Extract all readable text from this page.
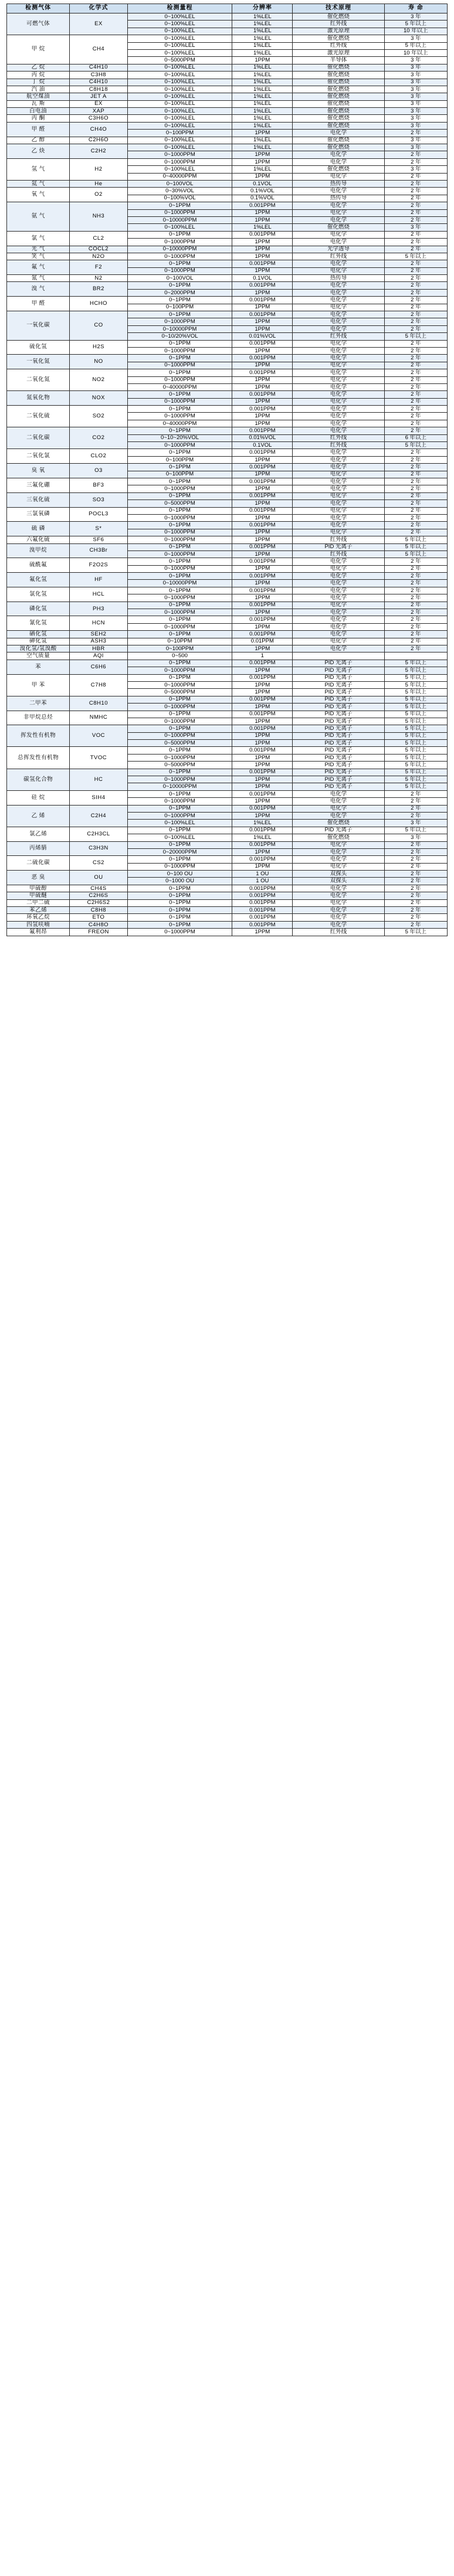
检测气体	化学式	检测量程	分辨率	技术原理	寿 命
可燃气体	EX	0~100%LEL	1%LEL	催化燃烧	3 年
		0~100%LEL	1%LEL	红外线	5 年以上
		0~100%LEL	1%LEL	激光原理	10 年以上
甲 烷	CH4	0~100%LEL	1%LEL	催化燃烧	3 年
		0~100%LEL	1%LEL	红外线	5 年以上
		0~100%LEL	1%LEL	激光原理	10 年以上
		0~5000PPM	1PPM	半导体	3 年
乙 烷	C4H10	0~100%LEL	1%LEL	催化燃烧	3 年
丙 烷	C3H8	0~100%LEL	1%LEL	催化燃烧	3 年
丁 烷	C4H10	0~100%LEL	1%LEL	催化燃烧	3 年
汽 油	C8H18	0~100%LEL	1%LEL	催化燃烧	3 年
航空煤油	JET A	0~100%LEL	1%LEL	催化燃烧	3 年
瓦 斯	EX	0~100%LEL	1%LEL	催化燃烧	3 年
白电油	XAP	0~100%LEL	1%LEL	催化燃烧	3 年
丙 酮	C3H6O	0~100%LEL	1%LEL	催化燃烧	3 年
甲 醛	CH4O	0~100%LEL	1%LEL	催化燃烧	3 年
		0~100PPM	1PPM	电化学	2 年
乙 醇	C2H6O	0~100%LEL	1%LEL	催化燃烧	3 年
乙 炔	C2H2	0~100%LEL	1%LEL	催化燃烧	3 年
		0~1000PPM	1PPM	电化学	2 年
氢 气	H2	0~1000PPM	1PPM	电化学	2 年
		0~100%LEL	1%LEL	催化燃烧	3 年
		0~40000PPM	1PPM	电化学	2 年
氦 气	He	0~100VOL	0.1VOL	热传导	2 年
氧 气	O2	0~30%VOL	0.1%VOL	电化学	2 年
		0~100%VOL	0.1%VOL	热传导	2 年
氨 气	NH3	0~1PPM	0.001PPM	电化学	2 年
		0~1000PPM	1PPM	电化学	2 年
		0~10000PPM	1PPM	电化学	2 年
		0~100%LEL	1%LEL	催化燃烧	3 年
氯 气	CL2	0~1PPM	0.001PPM	电化学	2 年
		0~1000PPM	1PPM	电化学	2 年
光 气	COCL2	0~10000PPM	1PPM	光学透导	2 年
笑 气	N2O	0~1000PPM	1PPM	红外线	5 年以上
氟 气	F2	0~1PPM	0.001PPM	电化学	2 年
		0~1000PPM	1PPM	电化学	2 年
氮 气	N2	0~100VOL	0.1VOL	热传导	2 年
溴 气	BR2	0~1PPM	0.001PPM	电化学	2 年
		0~2000PPM	1PPM	电化学	2 年
甲 醛	HCHO	0~1PPM	0.001PPM	电化学	2 年
		0~100PPM	1PPM	电化学	2 年
一氧化碳	CO	0~1PPM	0.001PPM	电化学	2 年
		0~1000PPM	1PPM	电化学	2 年
		0~10000PPM	1PPM	电化学	2 年
		0~10/20%VOL	0.01%VOL	红外线	5 年以上
硫化氢	H2S	0~1PPM	0.001PPM	电化学	2 年
		0~1000PPM	1PPM	电化学	2 年
一氧化氮	NO	0~1PPM	0.001PPM	电化学	2 年
		0~1000PPM	1PPM	电化学	2 年
二氧化氮	NO2	0~1PPM	0.001PPM	电化学	2 年
		0~1000PPM	1PPM	电化学	2 年
		0~40000PPM	1PPM	电化学	2 年
氮氧化物	NOX	0~1PPM	0.001PPM	电化学	2 年
		0~1000PPM	1PPM	电化学	2 年
二氧化硫	SO2	0~1PPM	0.001PPM	电化学	2 年
		0~1000PPM	1PPM	电化学	2 年
		0~40000PPM	1PPM	电化学	2 年
二氧化碳	CO2	0~1PPM	0.001PPM	电化学	2 年
		0~10~20%VOL	0.01%VOL	红外线	6 年以上
		0~1000PPM	0.1VOL	红外线	5 年以上
二氧化氯	CLO2	0~1PPM	0.001PPM	电化学	2 年
		0~100PPM	1PPM	电化学	2 年
臭 氧	O3	0~1PPM	0.001PPM	电化学	2 年
		0~100PPM	1PPM	电化学	2 年
三氟化硼	BF3	0~1PPM	0.001PPM	电化学	2 年
		0~1000PPM	1PPM	电化学	2 年
三氧化硫	SO3	0~1PPM	0.001PPM	电化学	2 年
		0~5000PPM	1PPM	电化学	2 年
三氯氧磷	POCL3	0~1PPM	0.001PPM	电化学	2 年
		0~1000PPM	1PPM	电化学	2 年
硫 磷	S*	0~1PPM	0.001PPM	电化学	2 年
		0~1000PPM	1PPM	电化学	2 年
六氟化硫	SF6	0~1000PPM	1PPM	红外线	5 年以上
溴甲烷	CH3Br	0~1PPM	0.001PPM	PID 光离子	5 年以上
		0~1000PPM	1PPM	红外线	5 年以上
硫酰氟	F2O2S	0~1PPM	0.001PPM	电化学	2 年
		0~1000PPM	1PPM	电化学	2 年
氟化氢	HF	0~1PPM	0.001PPM	电化学	2 年
		0~10000PPM	1PPM	电化学	2 年
氯化氢	HCL	0~1PPM	0.001PPM	电化学	2 年
		0~1000PPM	1PPM	电化学	2 年
磷化氢	PH3	0~1PPM	0.001PPM	电化学	2 年
		0~1000PPM	1PPM	电化学	2 年
氰化氢	HCN	0~1PPM	0.001PPM	电化学	2 年
		0~1000PPM	1PPM	电化学	2 年
硒化氢	SEH2	0~1PPM	0.001PPM	电化学	2 年
砷化氢	ASH3	0~10PPM	0.01PPM	电化学	2 年
溴化氢/氢溴酸	HBR	0~100PPM	1PPM	电化学	2 年
空气质量	AQI	0~500	1		
苯	C6H6	0~1PPM	0.001PPM	PID 光离子	5 年以上
		0~1000PPM	1PPM	PID 光离子	5 年以上
甲 苯	C7H8	0~1PPM	0.001PPM	PID 光离子	5 年以上
		0~1000PPM	1PPM	PID 光离子	5 年以上
		0~5000PPM	1PPM	PID 光离子	5 年以上
二甲苯	C8H10	0~1PPM	0.001PPM	PID 光离子	5 年以上
		0~1000PPM	1PPM	PID 光离子	5 年以上
非甲烷总烃	NMHC	0~1PPM	0.001PPM	PID 光离子	5 年以上
		0~1000PPM	1PPM	PID 光离子	5 年以上
挥发性有机物	VOC	0~1PPM	0.001PPM	PID 光离子	5 年以上
		0~1000PPM	1PPM	PID 光离子	5 年以上
		0~5000PPM	1PPM	PID 光离子	5 年以上
总挥发性有机物	TVOC	0~1PPM	0.001PPM	PID 光离子	5 年以上
		0~1000PPM	1PPM	PID 光离子	5 年以上
		0~5000PPM	1PPM	PID 光离子	5 年以上
碳氢化合物	HC	0~1PPM	0.001PPM	PID 光离子	5 年以上
		0~1000PPM	1PPM	PID 光离子	5 年以上
		0~10000PPM	1PPM	PID 光离子	5 年以上
硅 烷	SIH4	0~1PPM	0.001PPM	电化学	2 年
		0~1000PPM	1PPM	电化学	2 年
乙 烯	C2H4	0~1PPM	0.001PPM	电化学	2 年
		0~1000PPM	1PPM	电化学	2 年
		0~100%LEL	1%LEL	催化燃烧	3 年
氯乙烯	C2H3CL	0~1PPM	0.001PPM	PID 光离子	5 年以上
		0~100%LEL	1%LEL	催化燃烧	3 年
丙烯腈	C3H3N	0~1PPM	0.001PPM	电化学	2 年
		0~20000PPM	1PPM	电化学	2 年
二硫化碳	CS2	0~1PPM	0.001PPM	电化学	2 年
		0~1000PPM	1PPM	电化学	2 年
恶 臭	OU	0~100 OU	1 OU	双探头	2 年
		0~1000 OU	1 OU	双探头	2 年
甲硫醇	CH4S	0~1PPM	0.001PPM	电化学	2 年
甲硫醚	C2H6S	0~1PPM	0.001PPM	电化学	2 年
二甲二硫	C2H6S2	0~1PPM	0.001PPM	电化学	2 年
苯乙烯	C8H8	0~1PPM	0.001PPM	电化学	2 年
环氧乙烷	ETO	0~1PPM	0.001PPM	电化学	2 年
四氢呋喃	C4H8O	0~1PPM	0.001PPM	电化学	2 年
氟利昂	FREON	0~1000PPM	1PPM	红外线	5 年以上
